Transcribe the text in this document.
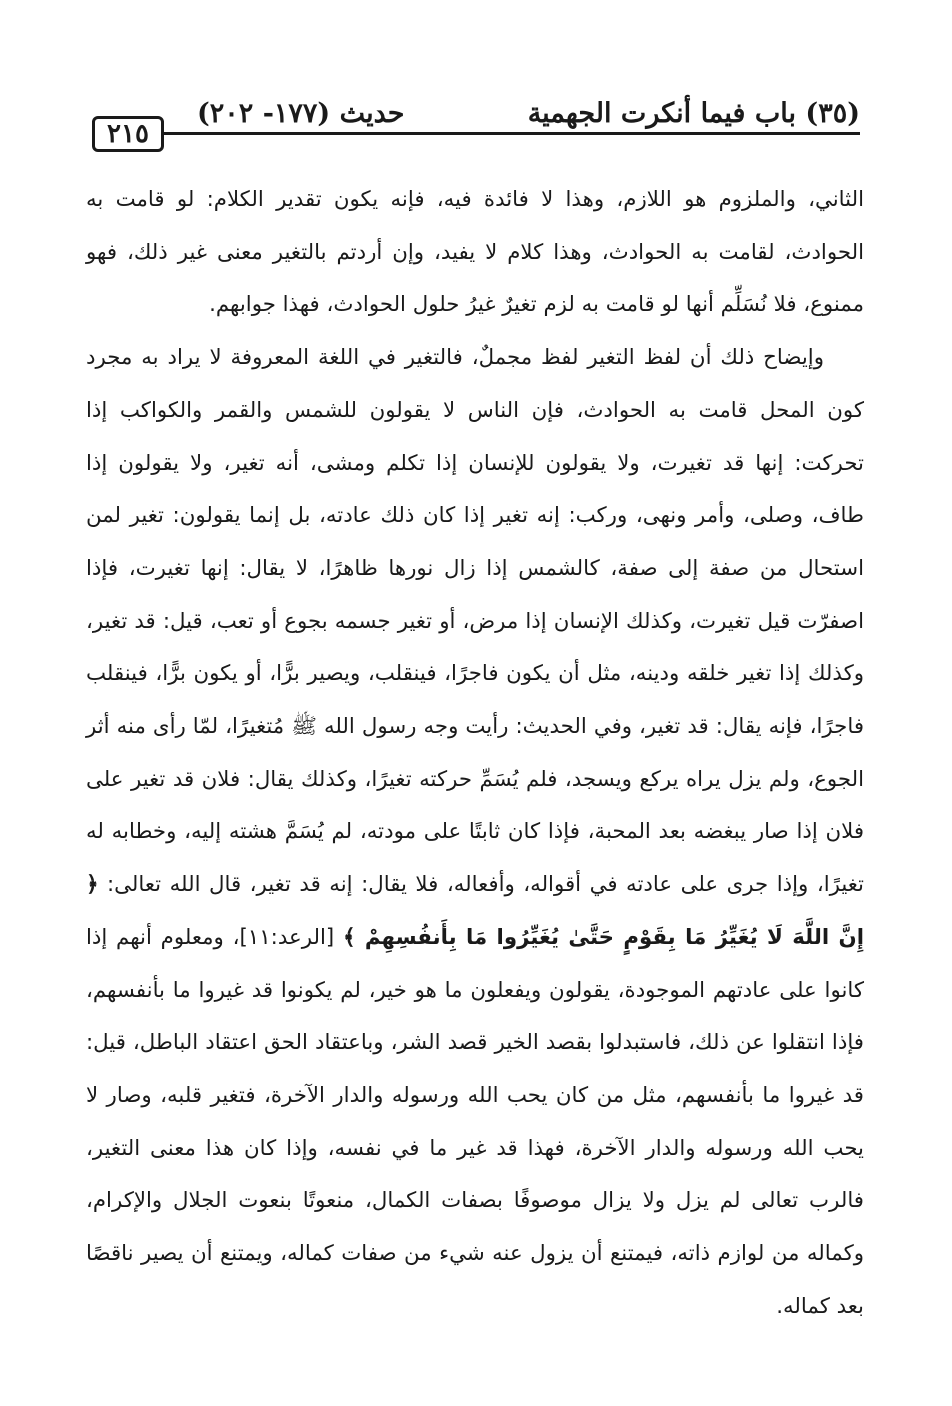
٢١٥
حديث (١٧٧- ٢٠٢)	(٣٥) باب فيما أنكرت الجهمية

الثاني، والملزوم هو اللازم، وهذا لا فائدة فيه، فإنه يكون تقدير الكلام: لو قامت به الحوادث، لقامت به الحوادث، وهذا كلام لا يفيد، وإن أردتم بالتغير معنى غير ذلك، فهو ممنوع، فلا نُسَلِّم أنها لو قامت به لزم تغيرٌ غيرُ حلول الحوادث، فهذا جوابهم.

وإيضاح ذلك أن لفظ التغير لفظ مجملٌ، فالتغير في اللغة المعروفة لا يراد به مجرد كون المحل قامت به الحوادث، فإن الناس لا يقولون للشمس والقمر والكواكب إذا تحركت: إنها قد تغيرت، ولا يقولون للإنسان إذا تكلم ومشى، أنه تغير، ولا يقولون إذا طاف، وصلى، وأمر ونهى، وركب: إنه تغير إذا كان ذلك عادته، بل إنما يقولون: تغير لمن استحال من صفة إلى صفة، كالشمس إذا زال نورها ظاهرًا، لا يقال: إنها تغيرت، فإذا اصفرّت قيل تغيرت، وكذلك الإنسان إذا مرض، أو تغير جسمه بجوع أو تعب، قيل: قد تغير، وكذلك إذا تغير خلقه ودينه، مثل أن يكون فاجرًا، فينقلب، ويصير برًّا، أو يكون برًّا، فينقلب فاجرًا، فإنه يقال: قد تغير، وفي الحديث: رأيت وجه رسول الله ﷺ مُتغيرًا، لمّا رأى منه أثر الجوع، ولم يزل يراه يركع ويسجد، فلم يُسَمِّ حركته تغيرًا، وكذلك يقال: فلان قد تغير على فلان إذا صار يبغضه بعد المحبة، فإذا كان ثابتًا على مودته، لم يُسَمَّ هشته إليه، وخطابه له تغيرًا، وإذا جرى على عادته في أقواله، وأفعاله، فلا يقال: إنه قد تغير، قال الله تعالى: ﴿ إِنَّ اللَّهَ لَا يُغَيِّرُ مَا بِقَوْمٍ حَتَّىٰ يُغَيِّرُوا مَا بِأَنفُسِهِمْ ﴾ [الرعد:١١]، ومعلوم أنهم إذا كانوا على عادتهم الموجودة، يقولون ويفعلون ما هو خير، لم يكونوا قد غيروا ما بأنفسهم، فإذا انتقلوا عن ذلك، فاستبدلوا بقصد الخير قصد الشر، وباعتقاد الحق اعتقاد الباطل، قيل: قد غيروا ما بأنفسهم، مثل من كان يحب الله ورسوله والدار الآخرة، فتغير قلبه، وصار لا يحب الله ورسوله والدار الآخرة، فهذا قد غير ما في نفسه، وإذا كان هذا معنى التغير، فالرب تعالى لم يزل ولا يزال موصوفًا بصفات الكمال، منعوتًا بنعوت الجلال والإكرام، وكماله من لوازم ذاته، فيمتنع أن يزول عنه شيء من صفات كماله، ويمتنع أن يصير ناقصًا بعد كماله.
